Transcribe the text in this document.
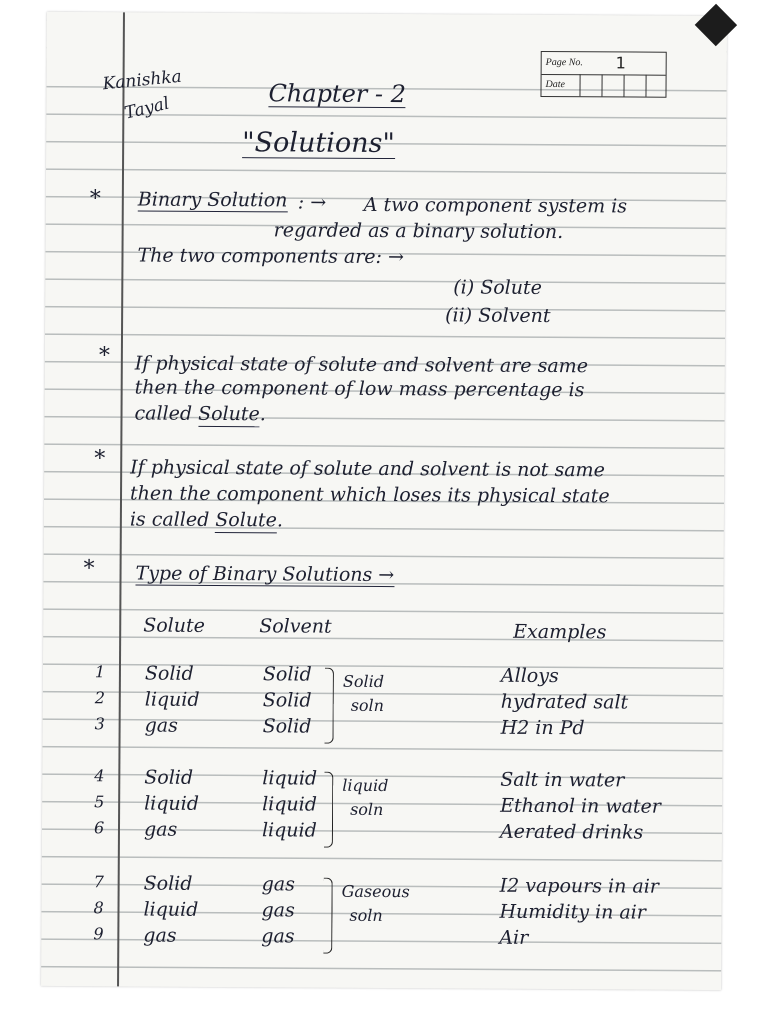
Page No. 1
Date
Kanishka
Tayal	Chapter - 2
"Solutions"
* Binary Solution : → A two component system is
regarded as a binary solution.
The two components are: →
(i) Solute
(ii) Solvent
* If physical state of solute and solvent are same
then the component of low mass percentage is
called Solute.
* If physical state of solute and solvent is not same
then the component which loses its physical state
is called Solute.
* Type of Binary Solutions →
Solute	Solvent	Examples
1 Solid	Solid	Alloys
2 liquid	Solid	hydrated salt
3 gas	Solid	H2 in Pd
Solid
soln
4 Solid	liquid	Salt in water
5 liquid	liquid	Ethanol in water
6 gas	liquid	Aerated drinks
liquid
soln
7 Solid	gas	I2 vapours in air
8 liquid	gas	Humidity in air
9 gas	gas	Air
Gaseous
soln
